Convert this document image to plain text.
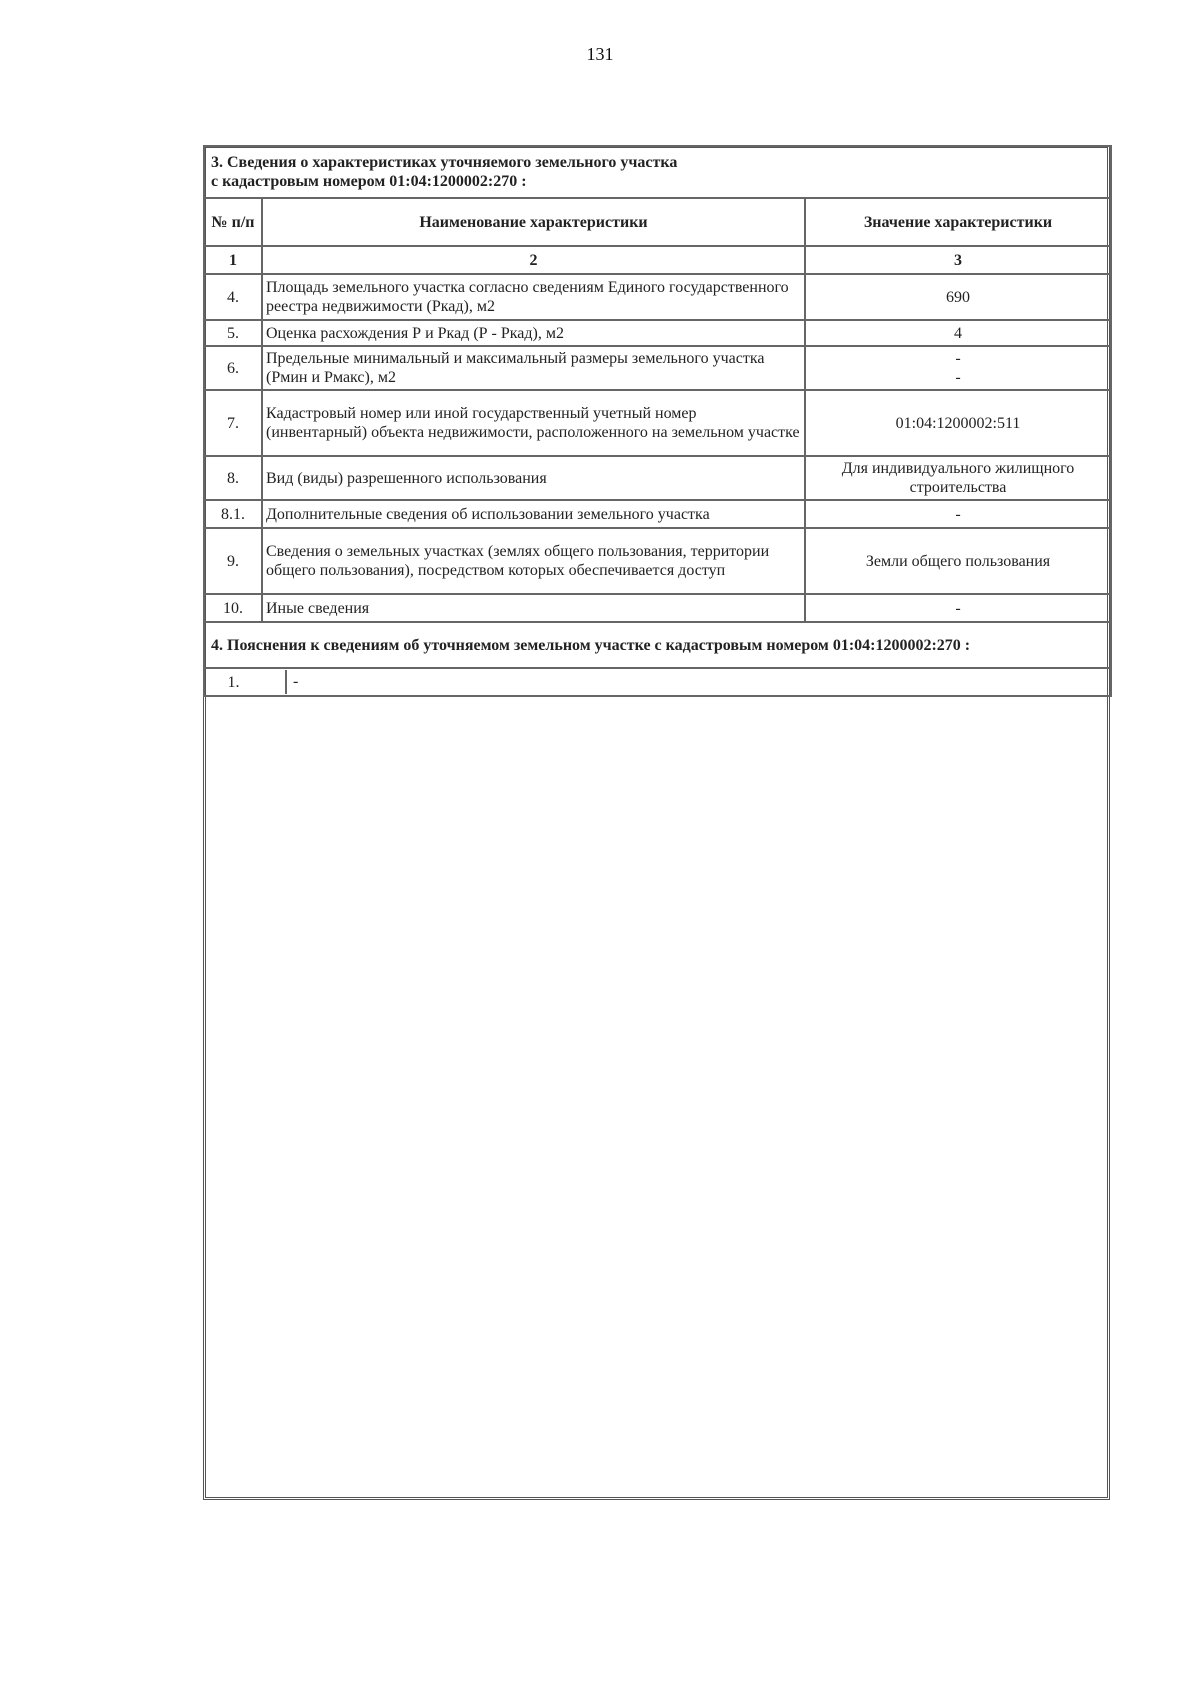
131
3. Сведения о характеристиках уточняемого земельного участка
с кадастровым номером 01:04:1200002:270 :		

№ п/п	Наименование характеристики	Значение характеристики
1	2	3
4.	Площадь земельного участка согласно сведениям Единого государственного реестра недвижимости (Ркад), м2	690

5.	Оценка расхождения Р и Ркад (Р - Ркад), м2	4

6.	Предельные минимальный и максимальный размеры земельного участка (Рмин и Рмакс), м2	-
-

7.	Кадастровый номер или иной государственный учетный номер (инвентарный) объекта недвижимости, расположенного на земельном участке	01:04:1200002:511

8.	Вид (виды) разрешенного использования	Для индивидуального жилищного строительства

8.1.	Дополнительные сведения об использовании земельного участка	-

9.	Сведения о земельных участках (землях общего пользования, территории общего пользования), посредством которых обеспечивается доступ	Земли общего пользования

10.	Иные сведения	-

4. Пояснения к сведениям об уточняемом земельном участке с кадастровым номером 01:04:1200002:270 :		
1.	-	
